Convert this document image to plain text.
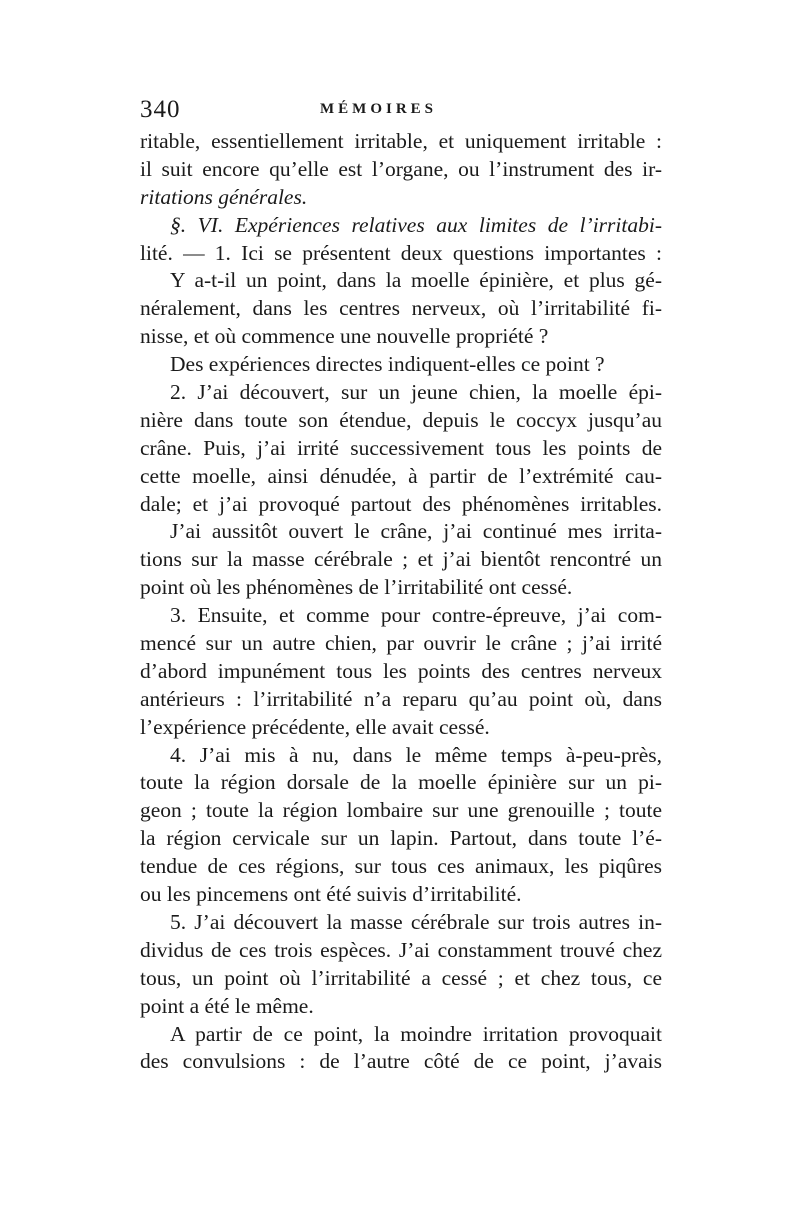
340	MÉMOIRES
ritable, essentiellement irritable, et uniquement irritable :
il suit encore qu’elle est l’organe, ou l’instrument des ir-
ritations générales.
§. VI. Expériences relatives aux limites de l’irritabi-
lité. — 1. Ici se présentent deux questions importantes :
Y a-t-il un point, dans la moelle épinière, et plus gé-
néralement, dans les centres nerveux, où l’irritabilité fi-
nisse, et où commence une nouvelle propriété ?
Des expériences directes indiquent-elles ce point ?
2. J’ai découvert, sur un jeune chien, la moelle épi-
nière dans toute son étendue, depuis le coccyx jusqu’au
crâne. Puis, j’ai irrité successivement tous les points de
cette moelle, ainsi dénudée, à partir de l’extrémité cau-
dale; et j’ai provoqué partout des phénomènes irritables.
J’ai aussitôt ouvert le crâne, j’ai continué mes irrita-
tions sur la masse cérébrale ; et j’ai bientôt rencontré un
point où les phénomènes de l’irritabilité ont cessé.
3. Ensuite, et comme pour contre-épreuve, j’ai com-
mencé sur un autre chien, par ouvrir le crâne ; j’ai irrité
d’abord impunément tous les points des centres nerveux
antérieurs : l’irritabilité n’a reparu qu’au point où, dans
l’expérience précédente, elle avait cessé.
4. J’ai mis à nu, dans le même temps à-peu-près,
toute la région dorsale de la moelle épinière sur un pi-
geon ; toute la région lombaire sur une grenouille ; toute
la région cervicale sur un lapin. Partout, dans toute l’é-
tendue de ces régions, sur tous ces animaux, les piqûres
ou les pincemens ont été suivis d’irritabilité.
5. J’ai découvert la masse cérébrale sur trois autres in-
dividus de ces trois espèces. J’ai constamment trouvé chez
tous, un point où l’irritabilité a cessé ; et chez tous, ce
point a été le même.
A partir de ce point, la moindre irritation provoquait
des convulsions : de l’autre côté de ce point, j’avais
